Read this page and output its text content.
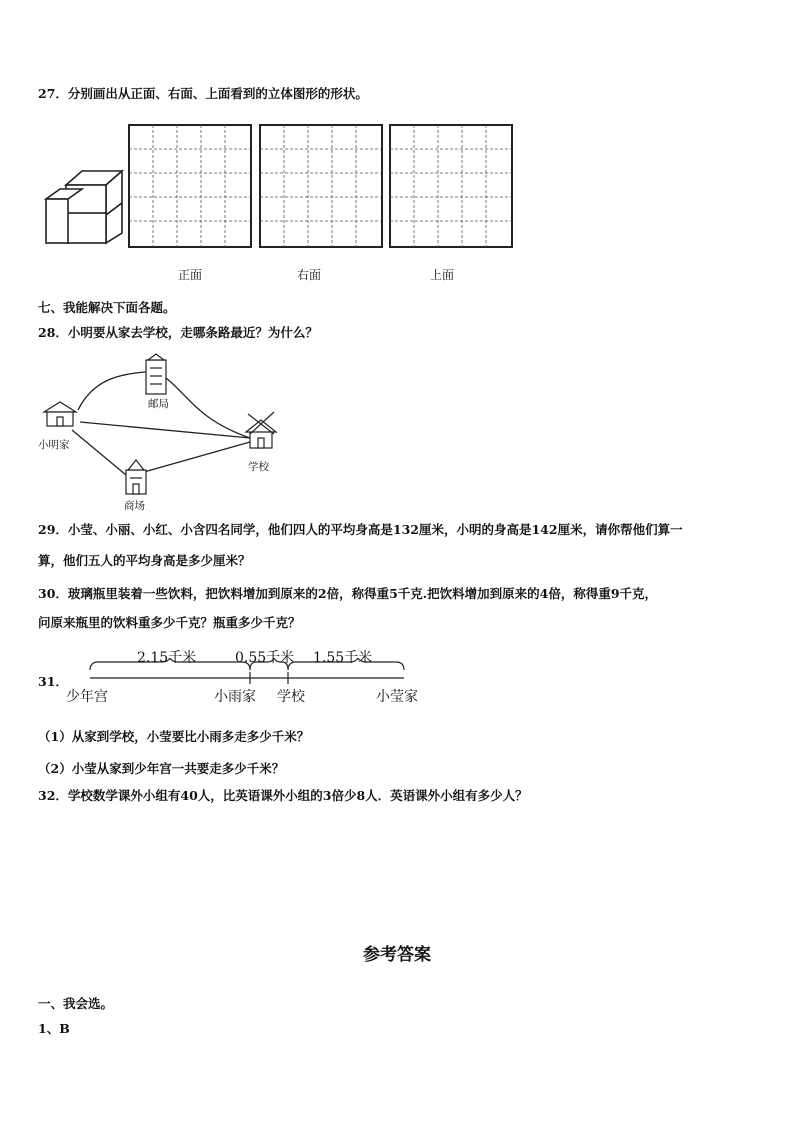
27．分别画出从正面、右面、上面看到的立体图形的形状。
正面	右面	上面
七、我能解决下面各题。
28．小明要从家去学校，走哪条路最近？为什么？
小明家
邮局
学校
商场
29．小莹、小丽、小红、小含四名同学，他们四人的平均身高是132厘米，小明的身高是142厘米，请你帮他们算一
算，他们五人的平均身高是多少厘米？
30．玻璃瓶里装着一些饮料，把饮料增加到原来的2倍，称得重5千克.把饮料增加到原来的4倍，称得重9千克，
问原来瓶里的饮料重多少千克？瓶重多少千克？
31．
2.15千米	0.55千米 1.55千米
少年宫	小雨家 学校	小莹家
（1）从家到学校，小莹要比小雨多走多少千米？
（2）小莹从家到少年宫一共要走多少千米？
32．学校数学课外小组有40人，比英语课外小组的3倍少8人．英语课外小组有多少人？
参考答案
一、我会选。
1、B
